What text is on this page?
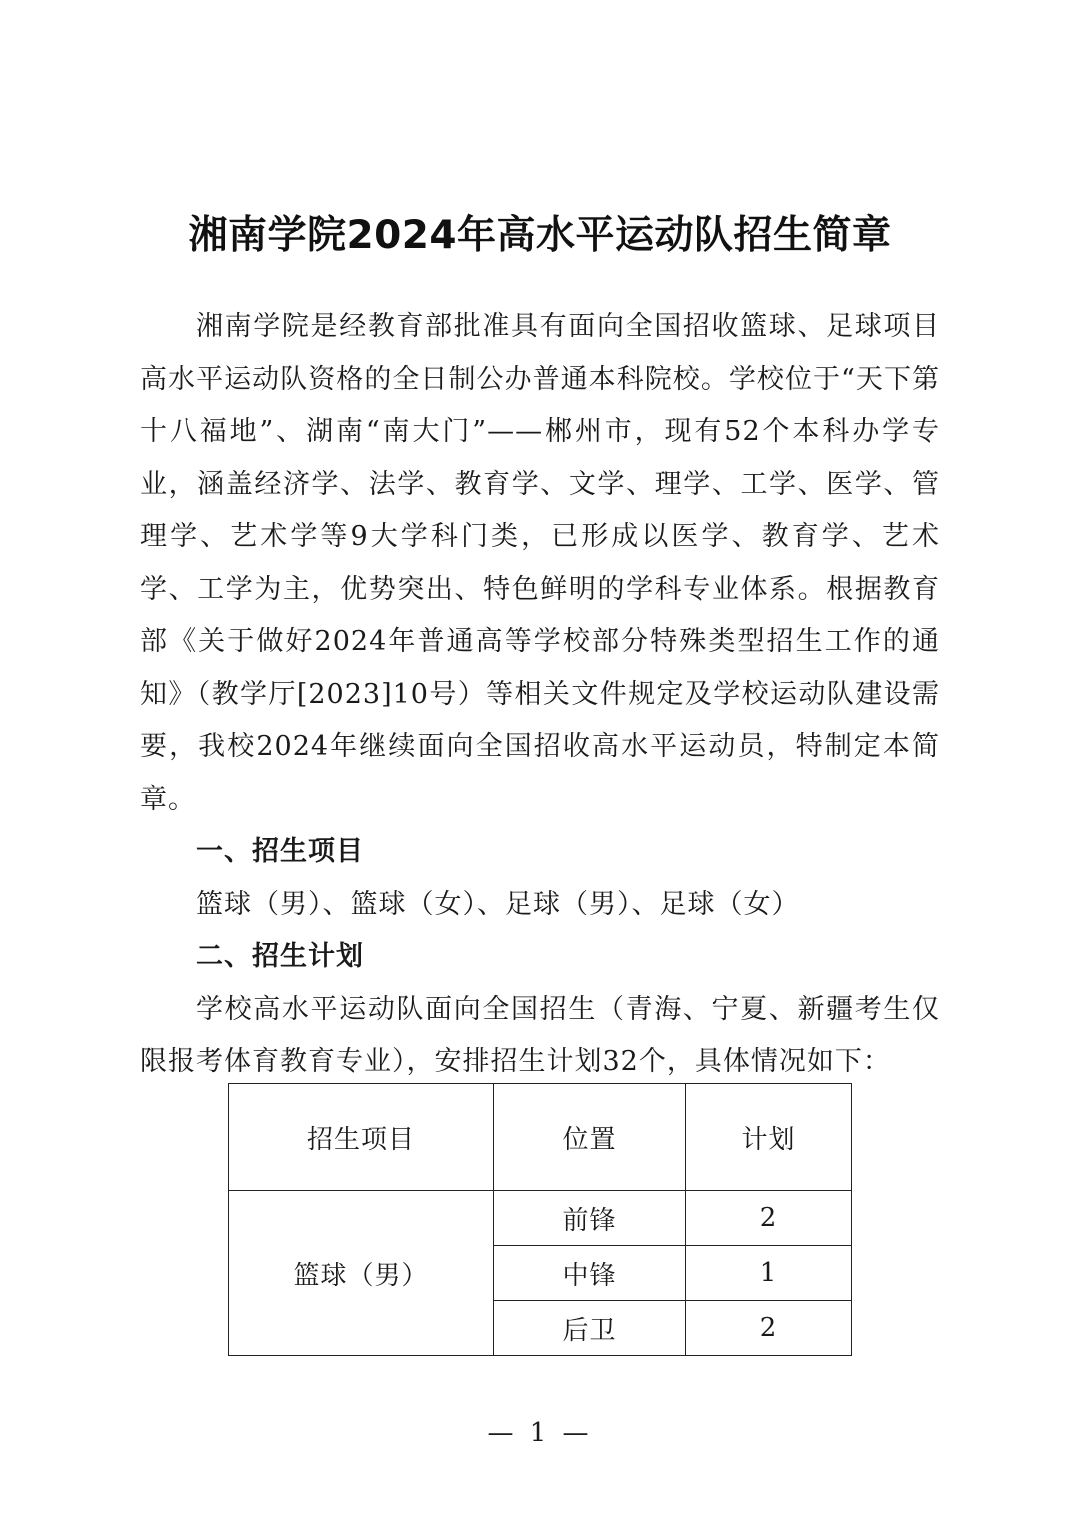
湘南学院2024年高水平运动队招生简章

湘南学院是经教育部批准具有面向全国招收篮球、足球项目高水平运动队资格的全日制公办普通本科院校。学校位于“天下第十八福地”、湖南“南大门”——郴州市，现有52个本科办学专业，涵盖经济学、法学、教育学、文学、理学、工学、医学、管理学、艺术学等9大学科门类，已形成以医学、教育学、艺术学、工学为主，优势突出、特色鲜明的学科专业体系。根据教育部《关于做好2024年普通高等学校部分特殊类型招生工作的通知》（教学厅[2023]10号）等相关文件规定及学校运动队建设需要，我校2024年继续面向全国招收高水平运动员，特制定本简章。

一、招生项目

篮球（男）、篮球（女）、足球（男）、足球（女）

二、招生计划

学校高水平运动队面向全国招生（青海、宁夏、新疆考生仅限报考体育教育专业），安排招生计划32个，具体情况如下：

招生项目	位置	计划
篮球（男）	前锋	2
	中锋	1
	后卫	2
— 1 —
